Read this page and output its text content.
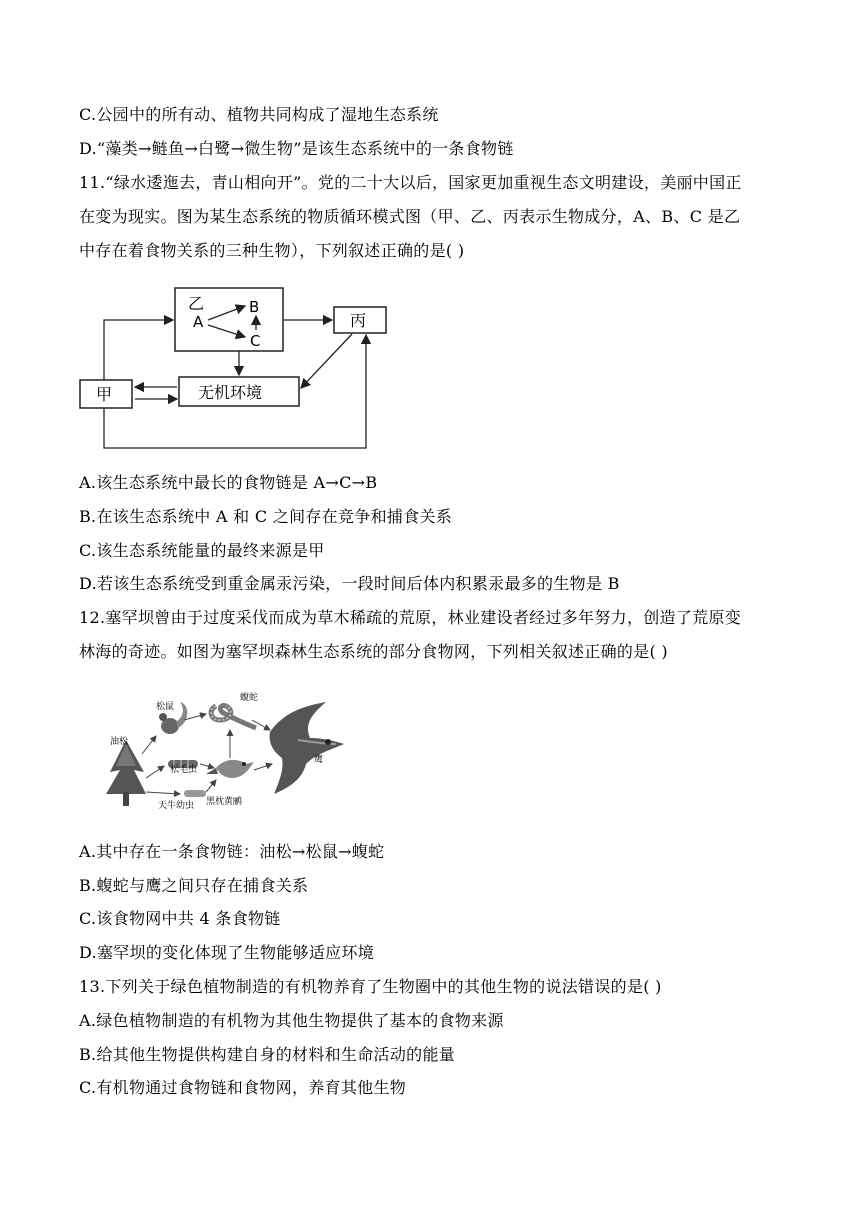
C.公园中的所有动、植物共同构成了湿地生态系统
D.“藻类→鲢鱼→白鹭→微生物”是该生态系统中的一条食物链
11.“绿水逶迤去，青山相向开”。党的二十大以后，国家更加重视生态文明建设，美丽中国正
在变为现实。图为某生态系统的物质循环模式图（甲、乙、丙表示生物成分，A、B、C 是乙
中存在着食物关系的三种生物），下列叙述正确的是( )
乙
A
B
C
丙
甲	无机环境
A.该生态系统中最长的食物链是 A→C→B
B.在该生态系统中 A 和 C 之间存在竞争和捕食关系
C.该生态系统能量的最终来源是甲
D.若该生态系统受到重金属汞污染，一段时间后体内积累汞最多的生物是 B
12.塞罕坝曾由于过度采伐而成为草木稀疏的荒原，林业建设者经过多年努力，创造了荒原变
林海的奇迹。如图为塞罕坝森林生态系统的部分食物网，下列相关叙述正确的是( )
油松
松鼠
蝮蛇
鹰
松毛虫
天牛幼虫 黑枕黄鹂
A.其中存在一条食物链：油松→松鼠→蝮蛇
B.蝮蛇与鹰之间只存在捕食关系
C.该食物网中共 4 条食物链
D.塞罕坝的变化体现了生物能够适应环境
13.下列关于绿色植物制造的有机物养育了生物圈中的其他生物的说法错误的是( )
A.绿色植物制造的有机物为其他生物提供了基本的食物来源
B.给其他生物提供构建自身的材料和生命活动的能量
C.有机物通过食物链和食物网，养育其他生物
